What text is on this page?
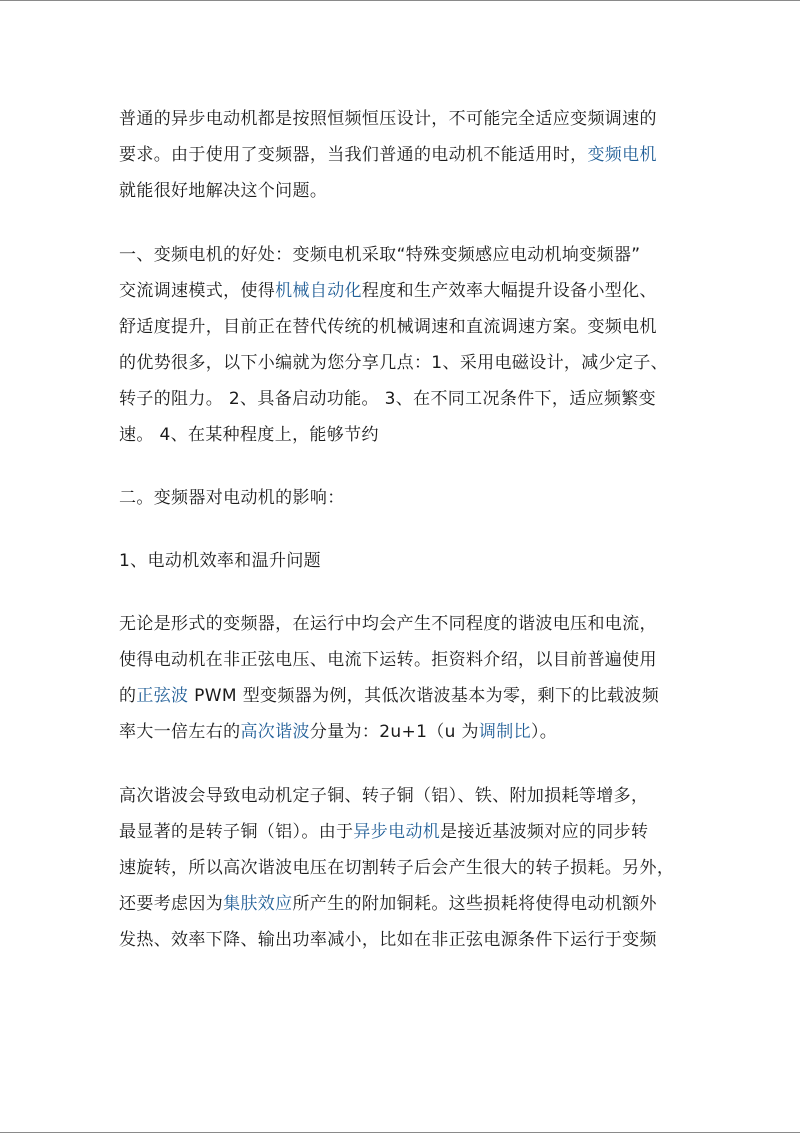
普通的异步电动机都是按照恒频恒压设计，不可能完全适应变频调速的
要求。由于使用了变频器，当我们普通的电动机不能适用时，变频电机
就能很好地解决这个问题。
一、变频电机的好处：变频电机采取“特殊变频感应电动机垧变频器”
交流调速模式，使得机械自动化程度和生产效率大幅提升设备小型化、
舒适度提升，目前正在替代传统的机械调速和直流调速方案。变频电机
的优势很多，以下小编就为您分享几点：1、采用电磁设计，减少定子、
转子的阻力。 2、具备启动功能。 3、在不同工况条件下，适应频繁变
速。 4、在某种程度上，能够节约
二。变频器对电动机的影响：
1、电动机效率和温升问题
无论是形式的变频器，在运行中均会产生不同程度的谐波电压和电流，
使得电动机在非正弦电压、电流下运转。拒资料介绍，以目前普遍使用
的正弦波 PWM 型变频器为例，其低次谐波基本为零，剩下的比载波频
率大一倍左右的高次谐波分量为：2u+1（u 为调制比）。
高次谐波会导致电动机定子铜、转子铜（铝）、铁、附加损耗等增多，
最显著的是转子铜（铝）。由于异步电动机是接近基波频对应的同步转
速旋转，所以高次谐波电压在切割转子后会产生很大的转子损耗。另外，
还要考虑因为集肤效应所产生的附加铜耗。这些损耗将使得电动机额外
发热、效率下降、输出功率减小，比如在非正弦电源条件下运行于变频
